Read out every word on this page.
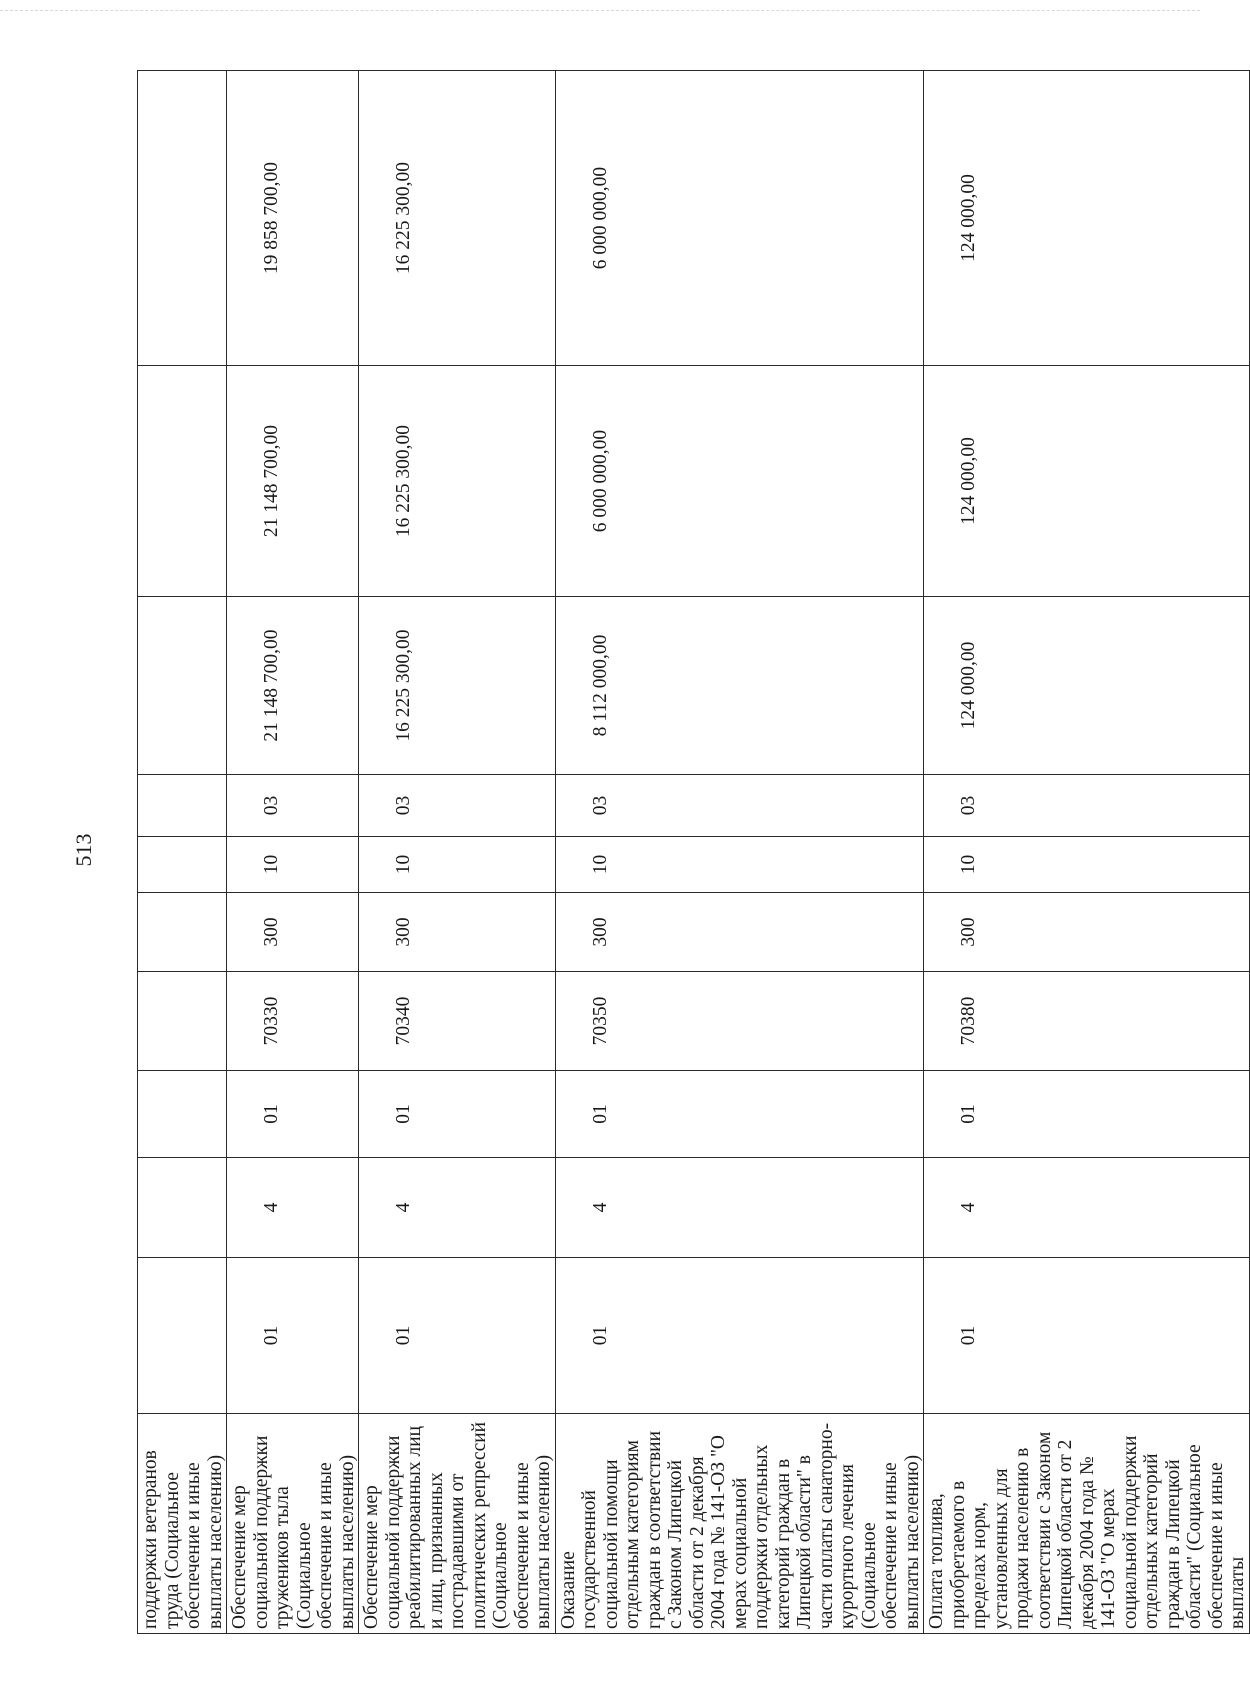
513
поддержки ветеранов труда (Социальное обеспечение и иные выплаты населению)	

Обеспечение мер социальной поддержки тружеников тыла (Социальное обеспечение и иные выплаты населению)	01	4	01	70330	300	10	03	21 148 700,00	21 148 700,00	19 858 700,00

Обеспечение мер социальной поддержки реабилитированных лиц и лиц, признанных пострадавшими от политических репрессий (Социальное обеспечение и иные выплаты населению)	01	4	01	70340	300	10	03	16 225 300,00	16 225 300,00	16 225 300,00

Оказание государственной социальной помощи отдельным категориям граждан в соответствии с Законом Липецкой области от 2 декабря 2004 года № 141-ОЗ "О мерах социальной поддержки отдельных категорий граждан в Липецкой области" в части оплаты санаторно-курортного лечения (Социальное обеспечение и иные выплаты населению)	01	4	01	70350	300	10	03	8 112 000,00	6 000 000,00	6 000 000,00

Оплата топлива, приобретаемого в пределах норм, установленных для продажи населению в соответствии с Законом Липецкой области от 2 декабря 2004 года № 141-ОЗ "О мерах социальной поддержки отдельных категорий граждан в Липецкой области" (Социальное обеспечение и иные выплаты	01	4	01	70380	300	10	03	124 000,00	124 000,00	124 000,00
